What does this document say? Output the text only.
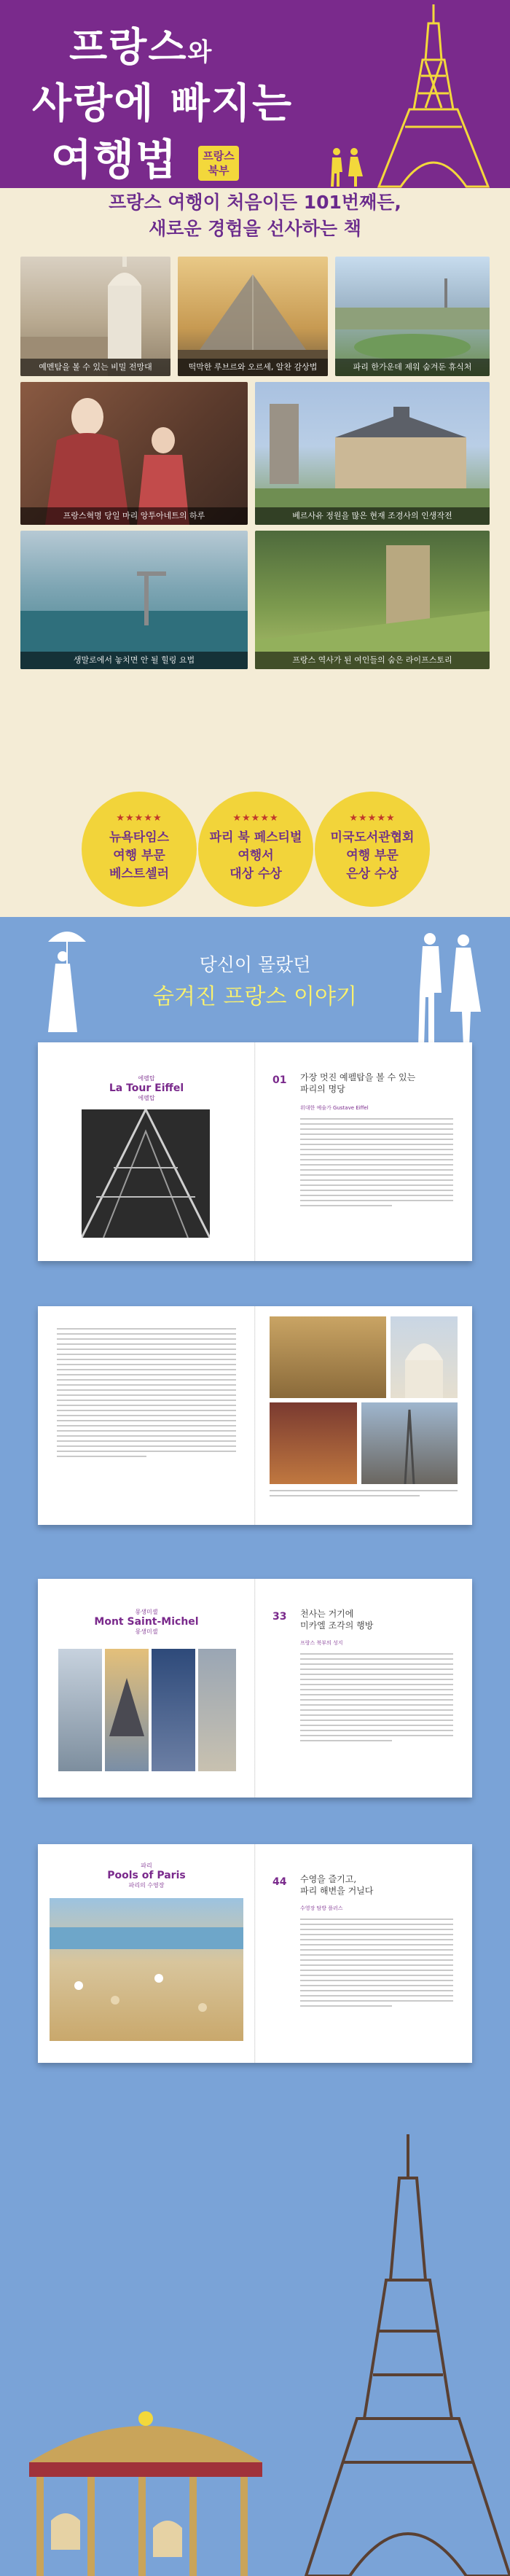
프랑스와
사랑에 빠지는
여행법	프랑스
북부
프랑스 여행이 처음이든 101번째든,
새로운 경험을 선사하는 책
예멘탐을 볼 수 있는 비밀 전망대	떡막한 루브르와 오르세, 알찬 감상법	파리 한가운데 제워 숨겨둔 휴식처
프랑스혁명 당일 마리 앙투아네트의 하루	베르사유 정원을 많은 현재 조경사의 인생작전
생말로에서 놓치면 안 될 힐링 요법	프랑스 역사가 된 여인들의 숨은 라이프스토리
★★★★★
뉴욕타임스
여행 부문
베스트셀러
★★★★★
파리 북 페스티벌
여행서
대상 수상
★★★★★
미국도서관협회
여행 부문
은상 수상
당신이 몰랐던
숨겨진 프랑스 이야기
에펠탑
La Tour Eiffel
에펠탑
01 가장 멋진 예펠탑을 볼 수 있는
파리의 명당
위대한 예술가 Gustave Eiffel
몽생미셸
Mont Saint-Michel
몽생미셸
33 천사는 거기에
미카엘 조각의 행방
프랑스 북부의 성지
파리
Pools of Paris
파리의 수영장	44 수영을 즐기고,
파리 해변을 거닐다
수영장 탐방 플러스
